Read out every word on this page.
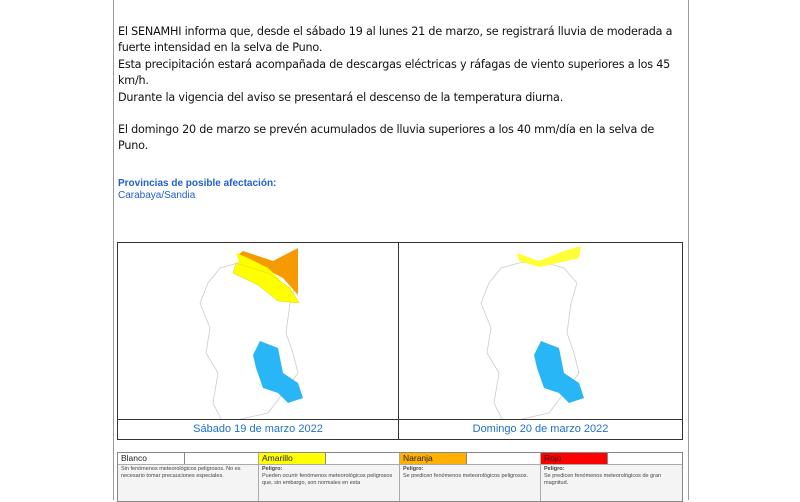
El SENAMHI informa que, desde el sábado 19 al lunes 21 de marzo, se registrará lluvia de moderada a fuerte intensidad en la selva de Puno.

Esta precipitación estará acompañada de descargas eléctricas y ráfagas de viento superiores a los 45 km/h.

Durante la vigencia del aviso se presentará el descenso de la temperatura diurna.

El domingo 20 de marzo se prevén acumulados de lluvia superiores a los 40 mm/día en la selva de Puno.

Provincias de posible afectación:
Carabaya/Sandia
Sábado 19 de marzo 2022	Domingo 20 de marzo 2022
Blanco
Sin fenómenos meteorológicos peligrosos. No es necesario tomar precauciones especiales.
Amarillo
Peligro:
Pueden ocurrir fenómenos meteorológicos peligrosos que, sin embargo, son normales en esta
Naranja
Peligro:
Se predicen fenómenos meteorológicos peligrosos.
Rojo
Peligro:
Se predicen fenómenos meteorológicos de gran magnitud.
